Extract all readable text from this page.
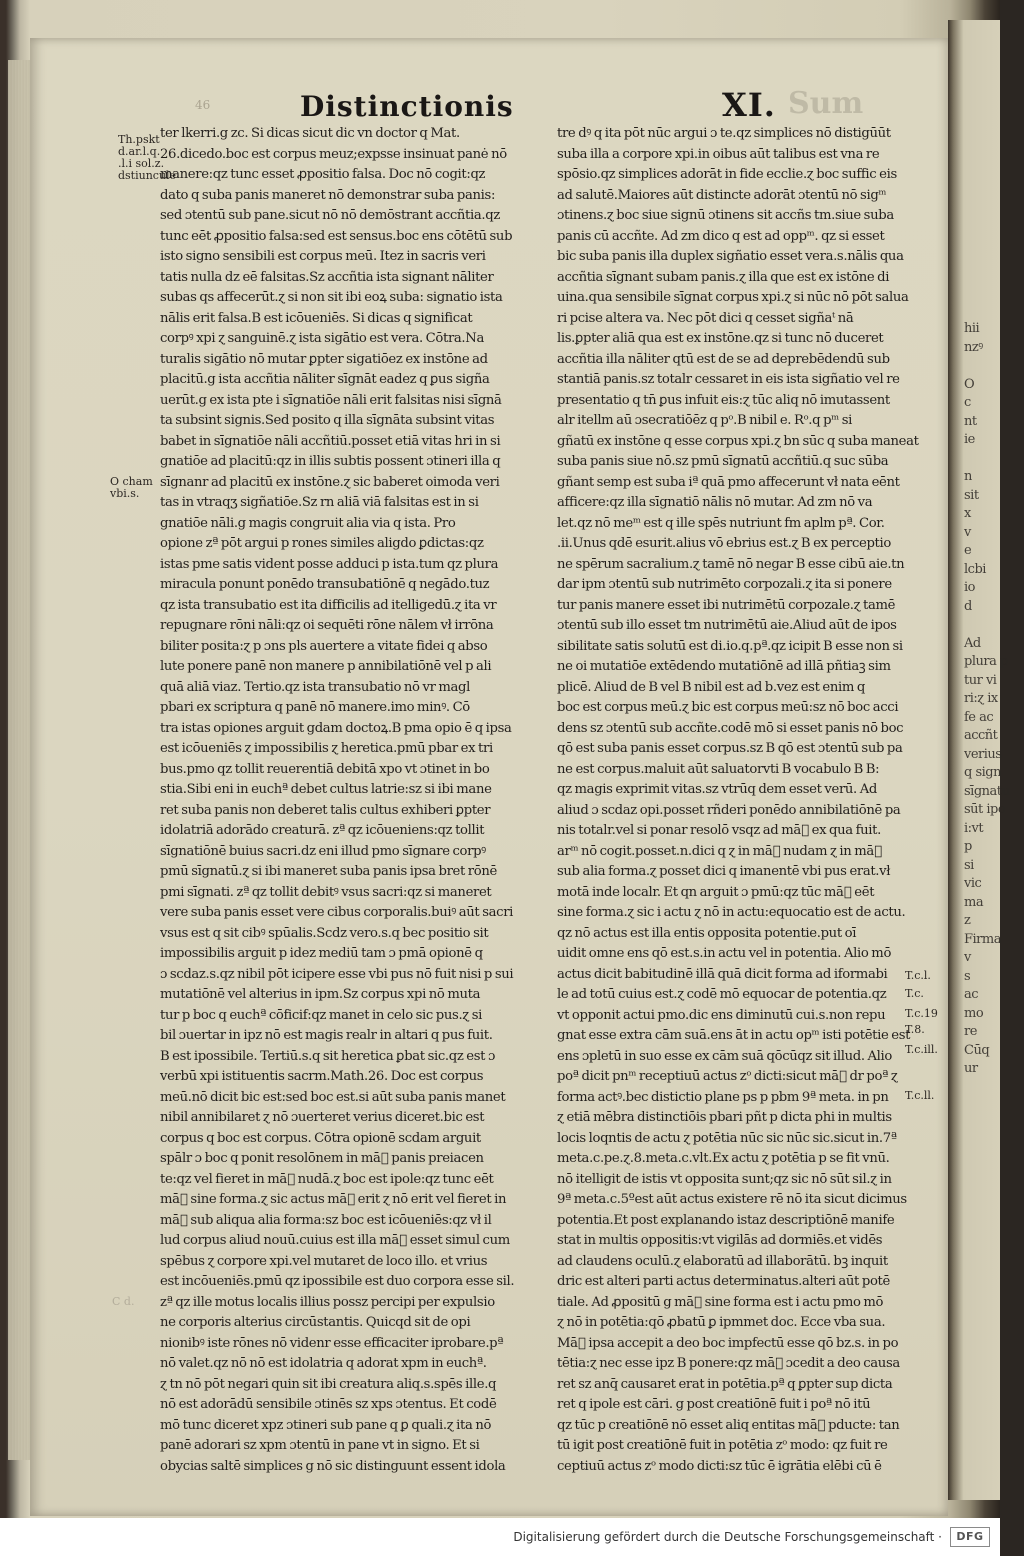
hii
nzꝰ

O
c
nt
ie

n
sit
x
v
e
lcbi
io
d

Ad
plura p
tur vi
ri:ɀ ix
fe ac
accñt
verius
q sign
sīgnatu
sūt ipo
i:vt
p
si
vic
ma
z
Firma
v
s
ac
mo
re
Cūq
ur
46	Distinctionis	XI. Sum
Th.pskt
d.ar.l.q.
.l.i sol.z.
dstiuncule
O cham
vbi.s.
C d.
T.c.l.
T.c.
T.c.19
T.8.
T.c.ill.
T.c.ll.
ter lkerri.g zc. Si dicas sicut dic vn doctor q Mat.
26.dicedo.boc est corpus meuz;expsse insinuat panė nō
manere:qz tunc esset ꝓpositio falsa. Doc nō cogit:qz
dato q suba panis maneret nō demonstrar suba panis:
sed ɔtentū sub pane.sicut nō nō demōstrant accñtia.qz
tunc eēt ꝓpositio falsa:sed est sensus.boc ens cōtētū sub
isto signo sensibili est corpus meū. Itez in sacris veri
tatis nulla dz eē falsitas.Sz accñtia ista signant nāliter
subas qs affecerūt.ɀ si non sit ibi eoꝝ suba: signatio ista
nālis erit falsa.B est icōueniēs. Si dicas q significat
corpꝰ xpi ɀ sanguinē.ɀ ista sigātio est vera. Cōtra.Na
turalis sigātio nō mutar ꝑpter sigatiōez ex instōne ad
placitū.g ista accñtia nāliter sīgnāt eadez q ꝑus sigña
uerūt.g ex ista pte i sīgnatiōe nāli erit falsitas nisi sīgnā
ta subsint signis.Sed posito q illa sīgnāta subsint vitas
babet in sīgnatiōe nāli accñtiū.posset etiā vitas hri in si
gnatiōe ad placitū:qz in illis subtis possent ɔtineri illa q
sīgnanr ad placitū ex instōne.ɀ sic baberet oimoda veri
tas in vtraqʒ sigñatiōe.Sz rn aliā viā falsitas est in si
gnatiōe nāli.g magis congruit alia via q ista. Pro
opione zª pōt argui p rones similes aligdo ꝑdictas:qz
istas pme satis vident posse adduci p ista.tum qz plura
miracula ponunt ponēdo transubatiōnē q negādo.tuz
qz ista transubatio est ita difficilis ad itelligedū.ɀ ita vr
repugnare rōni nāli:qz oi sequēti rōne nālem vł irrōna
biliter posita:ɀ p ɔns pls auertere a vitate fidei q abso
lute ponere panē non manere p annibilatiōnē vel p ali
quā aliā viaz. Tertio.qz ista transubatio nō vr magl
pbari ex scriptura q panē nō manere.imo minꝰ. Cō
tra istas opiones arguit gdam doctoꝝ.B pma opio ē q ipsa
est icōueniēs ɀ impossibilis ɀ heretica.pmū pbar ex tri
bus.pmo qz tollit reuerentiā debitā xpo vt ɔtinet in bo
stia.Sibi eni in euchª debet cultus latrie:sz si ibi mane
ret suba panis non deberet talis cultus exhiberi ꝑpter
idolatriā adorādo creaturā. zª qz icōueniens:qz tollit
sīgnatiōnē buius sacri.dz eni illud pmo sīgnare corpꝰ
pmū sīgnatū.ɀ si ibi maneret suba panis ipsa bret rōnē
pmi sīgnati. zª qz tollit debitꝰ vsus sacri:qz si maneret
vere suba panis esset vere cibus corporalis.buiꝰ aūt sacri
vsus est q sit cibꝰ spūalis.Scdz vero.s.q bec positio sit
impossibilis arguit p idez mediū tam ɔ pmā opionē q
ɔ scdaz.s.qz nibil pōt icipere esse vbi pus nō fuit nisi p sui
mutatiōnē vel alterius in ipm.Sz corpus xpi nō muta
tur p boc q euchª cōficif:qz manet in celo sic pus.ɀ si
bil ɔuertar in ipz nō est magis realr in altari q pus fuit.
B est ipossibile. Tertiū.s.q sit heretica ꝑbat sic.qz est ɔ
verbū xpi istituentis sacrm.Math.26. Doc est corpus
meū.nō dicit bic est:sed boc est.si aūt suba panis manet
nibil annibilaret ɀ nō ɔuerteret verius diceret.bic est
corpus q boc est corpus. Cōtra opionē scdam arguit
spālr ɔ boc q ponit resolōnem in māᷓ panis preiacen
te:qz vel fieret in māᷓ nudā.ɀ boc est ipole:qz tunc eēt
māᷓ sine forma.ɀ sic actus māᷓ erit ɀ nō erit vel fieret in
māᷓ sub aliqua alia forma:sz boc est icōueniēs:qz vł il
lud corpus aliud nouū.cuius est illa māᷓ esset simul cum
spēbus ɀ corpore xpi.vel mutaret de loco illo. et vrius
est incōueniēs.pmū qz ipossibile est duo corpora esse sil.
zª qz ille motus localis illius possz percipi per expulsio
ne corporis alterius circūstantis. Quicqd sit de opi
nionibꝰ iste rōnes nō videnr esse efficaciter iprobare.pª
nō valet.qz nō nō est idolatria q adorat xpm in euchª.
ɀ tn nō pōt negari quin sit ibi creatura aliq.s.spēs ille.q
nō est adorādū sensibile ɔtinēs sz xps ɔtentus. Et codē
mō tunc diceret xpz ɔtineri sub pane q ꝑ quali.ɀ ita nō
panē adorari sz xpm ɔtentū in pane vt in signo. Et si
obycias saltē simplices g nō sic distinguunt essent idola
tre dꝰ q ita pōt nūc argui ɔ te.qz simplices nō distigūūt
suba illa a corpore xpi.in oibus aūt talibus est vna re
spōsio.qz simplices adorāt in fide ecclie.ɀ boc suffic eis
ad salutē.Maiores aūt distincte adorāt ɔtentū nō sigᵐ
ɔtinens.ɀ boc siue signū ɔtinens sit accñs tm.siue suba
panis cū accñte. Ad zm dico q est ad oppᵐ. qz si esset
bic suba panis illa duplex sigñatio esset vera.s.nālis qua
accñtia sīgnant subam panis.ɀ illa que est ex istōne di
uina.qua sensibile sīgnat corpus xpi.ɀ si nūc nō pōt salua
ri pcise altera va. Nec pōt dici q cesset sigñaᵗ nā
lis.ꝑpter aliā qua est ex instōne.qz si tunc nō duceret
accñtia illa nāliter qtū est de se ad deprebēdendū sub
stantiā panis.sz totalr cessaret in eis ista sigñatio vel re
presentatio q tn̄ ꝑus infuit eis:ɀ tūc aliq nō imutassent
alr itellm aū ɔsecratiōēz q pᵒ.B nibil e. Rᵒ.q pᵐ si
gñatū ex instōne q esse corpus xpi.ɀ bn sūc q suba maneat
suba panis siue nō.sz pmū sīgnatū accñtiū.q suc sūba
gñant semp est suba iª quā pmo affecerunt vł nata eēnt
afficere:qz illa sīgnatiō nālis nō mutar. Ad zm nō va
let.qz nō meᵐ est q ille spēs nutriunt fm aplm pª. Cor.
.ii.Unus qdē esurit.alius vō ebrius est.ɀ B ex perceptio
ne spērum sacralium.ɀ tamē nō negar B esse cibū aie.tn
dar ipm ɔtentū sub nutrimēto corpozali.ɀ ita si ponere
tur panis manere esset ibi nutrimētū corpozale.ɀ tamē
ɔtentū sub illo esset tm nutrimētū aie.Aliud aūt de ipos
sibilitate satis solutū est di.io.q.pª.qz icipit B esse non si
ne oi mutatiōe extēdendo mutatiōnē ad illā pñtiaꝫ sim
plicē. Aliud de B vel B nibil est ad b.vez est enim q
boc est corpus meū.ɀ bic est corpus meū:sz nō boc acci
dens sz ɔtentū sub accñte.codē mō si esset panis nō boc
qō est suba panis esset corpus.sz B qō est ɔtentū sub pa
ne est corpus.maluit aūt saluatorvti B vocabulo B B:
qz magis exprimit vitas.sz vtrūq dem esset verū. Ad
aliud ɔ scdaz opi.posset rñderi ponēdo annibilatiōnē pa
nis totalr.vel si ponar resolō vsqz ad māᷓ ex qua fuit.
arᵐ nō cogit.posset.n.dici q ɀ in māᷓ nudam ɀ in māᷓ
sub alia forma.ɀ posset dici q imanentē vbi pus erat.vł
motā inde localr. Et qn arguit ɔ pmū:qz tūc māᷓ eēt
sine forma.ɀ sic i actu ɀ nō in actu:equocatio est de actu.
qz nō actus est illa entis opposita potentie.put oī
uidit omne ens qō est.s.in actu vel in potentia. Alio mō
actus dicit babitudinē illā quā dicit forma ad iformabi
le ad totū cuius est.ɀ codē mō equocar de potentia.qz
vt opponit actui pmo.dic ens diminutū cui.s.non repu
gnat esse extra cām suā.ens āt in actu opᵐ isti potētie est
ens ɔpletū in suo esse ex cām suā qōcūqz sit illud. Alio
poª dicit pnᵐ receptiuū actus zᵒ dicti:sicut māᷓ dr poª ɀ
forma actꝰ.bec distictio plane ps p pbm 9ª meta. in pn
ɀ etiā mēbra distinctiōis pbari pñt p dicta phi in multis
locis loqntis de actu ɀ potētia nūc sic nūc sic.sicut in.7ª
meta.c.pe.ɀ.8.meta.c.vlt.Ex actu ɀ potētia p se fit vnū.
nō itelligit de istis vt opposita sunt;qz sic nō sūt sil.ɀ in
9ª meta.c.5ºest aūt actus existere rē nō ita sicut dicimus
potentia.Et post explanando istaz descriptiōnē manife
stat in multis oppositis:vt vigilās ad dormiēs.et vidēs
ad claudens oculū.ɀ elaboratū ad illaborātū. bꝫ inquit
dric est alteri parti actus determinatus.alteri aūt potē
tiale. Ad ꝓpositū g māᷓ sine forma est i actu pmo mō
ɀ nō in potētia:qō ꝓbatū ꝑ ipmmet doc. Ecce vba sua.
Māᷓ ipsa accepit a deo boc impfectū esse qō bz.s. in po
tētia:ɀ nec esse ipz B ponere:qz māᷓ ɔcedit a deo causa
ret sz anq̄ causaret erat in potētia.pª q ꝑpter sup dicta
ret q ipole est cāri. g post creatiōnē fuit i poª nō itū
qz tūc p creatiōnē nō esset aliq entitas māᷓ pducte: tan
tū igit post creatiōnē fuit in potētia zᵒ modo: qz fuit re
ceptiuū actus zᵒ modo dicti:sz tūc ē igrātia elēbi cū ē
Digitalisierung gefördert durch die Deutsche Forschungsgemeinschaft ·	DFG
